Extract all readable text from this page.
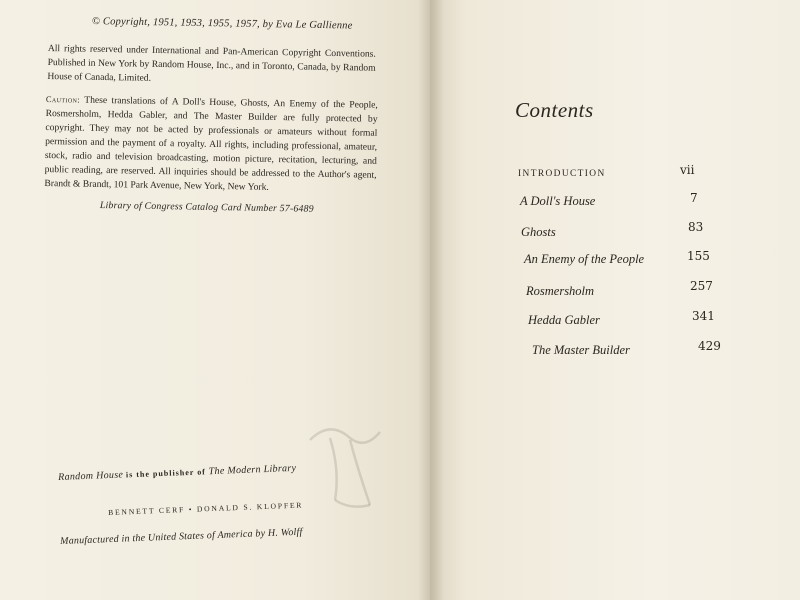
© Copyright, 1951, 1953, 1955, 1957, by Eva Le Gallienne
All rights reserved under International and Pan-American Copyright Conventions. Published in New York by Random House, Inc., and in Toronto, Canada, by Random House of Canada, Limited.
Caution: These translations of A Doll's House, Ghosts, An Enemy of the People, Rosmersholm, Hedda Gabler, and The Master Builder are fully protected by copyright. They may not be acted by professionals or amateurs without formal permission and the payment of a royalty. All rights, including professional, amateur, stock, radio and television broadcasting, motion picture, recitation, lecturing, and public reading, are reserved. All inquiries should be addressed to the Author's agent, Brandt & Brandt, 101 Park Avenue, New York, New York.
Library of Congress Catalog Card Number 57-6489
Random House is the publisher of The Modern Library
BENNETT CERF • DONALD S. KLOPFER
Manufactured in the United States of America by H. Wolff
Contents
INTRODUCTION	vii
A Doll's House	7
Ghosts	83
An Enemy of the People	155
Rosmersholm	257
Hedda Gabler	341
The Master Builder	429
